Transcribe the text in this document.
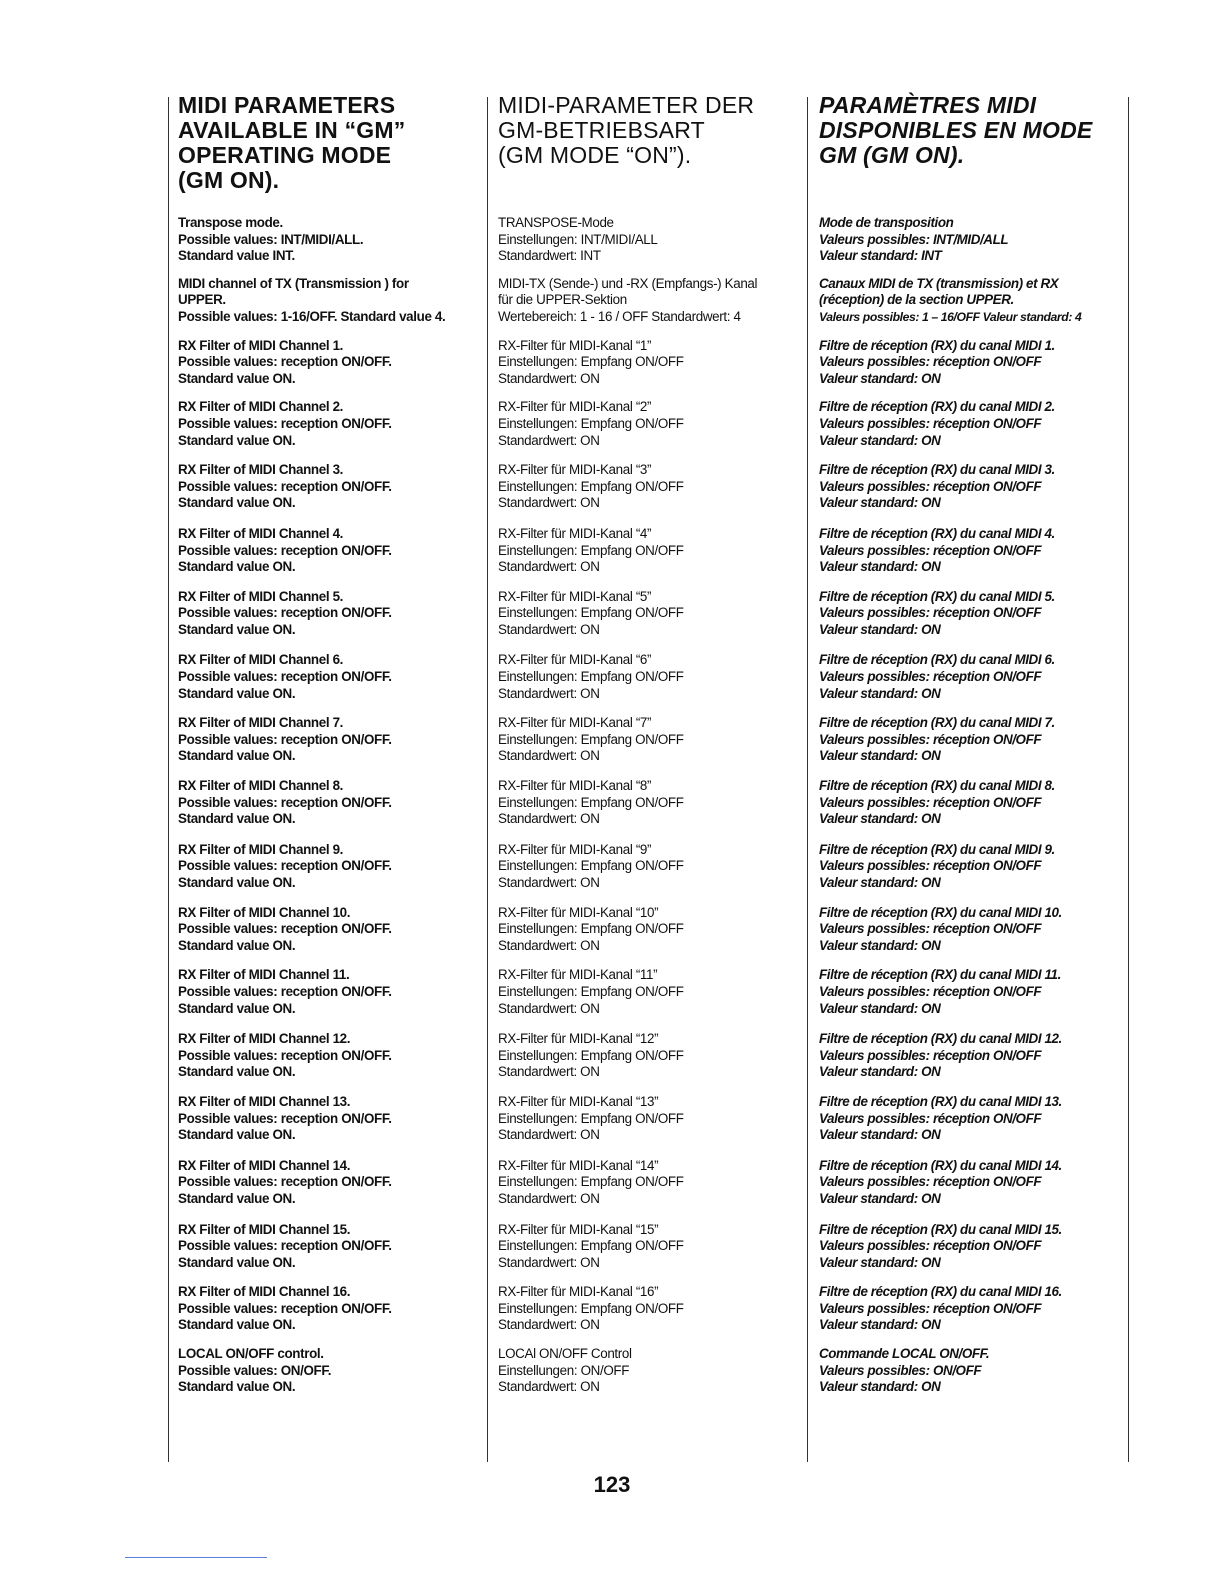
MIDI PARAMETERS
AVAILABLE IN “GM”
OPERATING MODE
(GM ON).

Transpose mode.
Possible values: INT/MIDI/ALL.
Standard value INT.

MIDI channel of TX (Transmission ) for
UPPER.
Possible values: 1-16/OFF. Standard value 4.

RX Filter of MIDI Channel 1.
Possible values: reception ON/OFF.
Standard value ON.

RX Filter of MIDI Channel 2.
Possible values: reception ON/OFF.
Standard value ON.

RX Filter of MIDI Channel 3.
Possible values: reception ON/OFF.
Standard value ON.

RX Filter of MIDI Channel 4.
Possible values: reception ON/OFF.
Standard value ON.

RX Filter of MIDI Channel 5.
Possible values: reception ON/OFF.
Standard value ON.

RX Filter of MIDI Channel 6.
Possible values: reception ON/OFF.
Standard value ON.

RX Filter of MIDI Channel 7.
Possible values: reception ON/OFF.
Standard value ON.

RX Filter of MIDI Channel 8.
Possible values: reception ON/OFF.
Standard value ON.

RX Filter of MIDI Channel 9.
Possible values: reception ON/OFF.
Standard value ON.

RX Filter of MIDI Channel 10.
Possible values: reception ON/OFF.
Standard value ON.

RX Filter of MIDI Channel 11.
Possible values: reception ON/OFF.
Standard value ON.

RX Filter of MIDI Channel 12.
Possible values: reception ON/OFF.
Standard value ON.

RX Filter of MIDI Channel 13.
Possible values: reception ON/OFF.
Standard value ON.

RX Filter of MIDI Channel 14.
Possible values: reception ON/OFF.
Standard value ON.

RX Filter of MIDI Channel 15.
Possible values: reception ON/OFF.
Standard value ON.

RX Filter of MIDI Channel 16.
Possible values: reception ON/OFF.
Standard value ON.

LOCAL ON/OFF control.
Possible values: ON/OFF.
Standard value ON.

MIDI-PARAMETER DER
GM-BETRIEBSART
(GM MODE “ON”).

TRANSPOSE-Mode
Einstellungen: INT/MIDI/ALL
Standardwert: INT

MIDI-TX (Sende-) und -RX (Empfangs-) Kanal
für die UPPER-Sektion
Wertebereich: 1 - 16 / OFF Standardwert: 4

RX-Filter für MIDI-Kanal “1”
Einstellungen: Empfang ON/OFF
Standardwert: ON

RX-Filter für MIDI-Kanal “2”
Einstellungen: Empfang ON/OFF
Standardwert: ON

RX-Filter für MIDI-Kanal “3”
Einstellungen: Empfang ON/OFF
Standardwert: ON

RX-Filter für MIDI-Kanal “4”
Einstellungen: Empfang ON/OFF
Standardwert: ON

RX-Filter für MIDI-Kanal “5”
Einstellungen: Empfang ON/OFF
Standardwert: ON

RX-Filter für MIDI-Kanal “6”
Einstellungen: Empfang ON/OFF
Standardwert: ON

RX-Filter für MIDI-Kanal “7”
Einstellungen: Empfang ON/OFF
Standardwert: ON

RX-Filter für MIDI-Kanal “8”
Einstellungen: Empfang ON/OFF
Standardwert: ON

RX-Filter für MIDI-Kanal “9”
Einstellungen: Empfang ON/OFF
Standardwert: ON

RX-Filter für MIDI-Kanal “10”
Einstellungen: Empfang ON/OFF
Standardwert: ON

RX-Filter für MIDI-Kanal “11”
Einstellungen: Empfang ON/OFF
Standardwert: ON

RX-Filter für MIDI-Kanal “12”
Einstellungen: Empfang ON/OFF
Standardwert: ON

RX-Filter für MIDI-Kanal “13”
Einstellungen: Empfang ON/OFF
Standardwert: ON

RX-Filter für MIDI-Kanal “14”
Einstellungen: Empfang ON/OFF
Standardwert: ON

RX-Filter für MIDI-Kanal “15”
Einstellungen: Empfang ON/OFF
Standardwert: ON

RX-Filter für MIDI-Kanal “16”
Einstellungen: Empfang ON/OFF
Standardwert: ON

LOCAl ON/OFF Control
Einstellungen: ON/OFF
Standardwert: ON

PARAMÈTRES MIDI
DISPONIBLES EN MODE
GM (GM ON).

Mode de transposition
Valeurs possibles: INT/MID/ALL
Valeur standard: INT

Canaux MIDI de TX (transmission) et RX
(réception) de la section UPPER.
Valeurs possibles: 1 – 16/OFF Valeur standard: 4

Filtre de réception (RX) du canal MIDI 1.
Valeurs possibles: réception ON/OFF
Valeur standard: ON

Filtre de réception (RX) du canal MIDI 2.
Valeurs possibles: réception ON/OFF
Valeur standard: ON

Filtre de réception (RX) du canal MIDI 3.
Valeurs possibles: réception ON/OFF
Valeur standard: ON

Filtre de réception (RX) du canal MIDI 4.
Valeurs possibles: réception ON/OFF
Valeur standard: ON

Filtre de réception (RX) du canal MIDI 5.
Valeurs possibles: réception ON/OFF
Valeur standard: ON

Filtre de réception (RX) du canal MIDI 6.
Valeurs possibles: réception ON/OFF
Valeur standard: ON

Filtre de réception (RX) du canal MIDI 7.
Valeurs possibles: réception ON/OFF
Valeur standard: ON

Filtre de réception (RX) du canal MIDI 8.
Valeurs possibles: réception ON/OFF
Valeur standard: ON

Filtre de réception (RX) du canal MIDI 9.
Valeurs possibles: réception ON/OFF
Valeur standard: ON

Filtre de réception (RX) du canal MIDI 10.
Valeurs possibles: réception ON/OFF
Valeur standard: ON

Filtre de réception (RX) du canal MIDI 11.
Valeurs possibles: réception ON/OFF
Valeur standard: ON

Filtre de réception (RX) du canal MIDI 12.
Valeurs possibles: réception ON/OFF
Valeur standard: ON

Filtre de réception (RX) du canal MIDI 13.
Valeurs possibles: réception ON/OFF
Valeur standard: ON

Filtre de réception (RX) du canal MIDI 14.
Valeurs possibles: réception ON/OFF
Valeur standard: ON

Filtre de réception (RX) du canal MIDI 15.
Valeurs possibles: réception ON/OFF
Valeur standard: ON

Filtre de réception (RX) du canal MIDI 16.
Valeurs possibles: réception ON/OFF
Valeur standard: ON

Commande LOCAL ON/OFF.
Valeurs possibles: ON/OFF
Valeur standard: ON

123
